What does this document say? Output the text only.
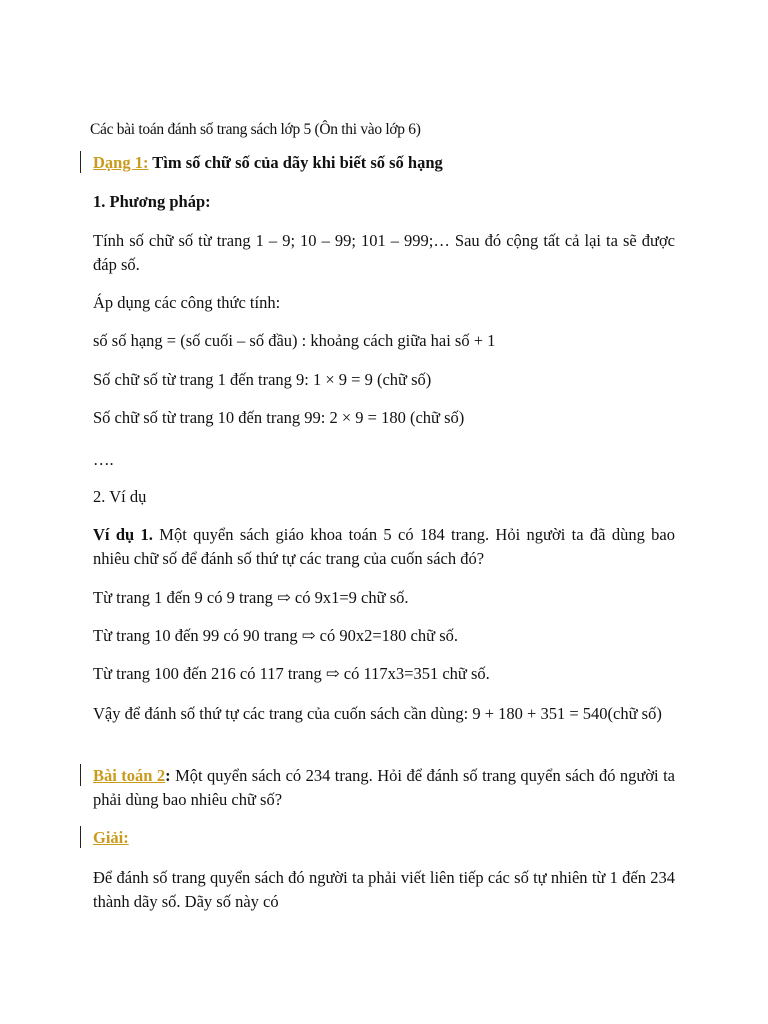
Các bài toán đánh số trang sách lớp 5 (Ôn thi vào lớp 6)
Dạng 1: Tìm số chữ số của dãy khi biết số số hạng
1. Phương pháp:
Tính số chữ số từ trang 1 – 9; 10 – 99; 101 – 999;… Sau đó cộng tất cả lại ta sẽ được đáp số.
Áp dụng các công thức tính:
số số hạng = (số cuối – số đầu) : khoảng cách giữa hai số + 1
Số chữ số từ trang 1 đến trang 9: 1 × 9 = 9 (chữ số)
Số chữ số từ trang 10 đến trang 99: 2 × 9 = 180 (chữ số)
….
2. Ví dụ
Ví dụ 1. Một quyển sách giáo khoa toán 5 có 184 trang. Hỏi người ta đã dùng bao nhiêu chữ số để đánh số thứ tự các trang của cuốn sách đó?
Từ trang 1 đến 9 có 9 trang ⇨ có 9x1=9 chữ số.
Từ trang 10 đến 99 có 90 trang ⇨ có 90x2=180 chữ số.
Từ trang 100 đến 216 có 117 trang ⇨ có 117x3=351 chữ số.
Vậy để đánh số thứ tự các trang của cuốn sách cần dùng: 9 + 180 + 351 = 540(chữ số)
Bài toán 2: Một quyển sách có 234 trang. Hỏi để đánh số trang quyển sách đó người ta phải dùng bao nhiêu chữ số?
Giải:
Để đánh số trang quyển sách đó người ta phải viết liên tiếp các số tự nhiên từ 1 đến 234 thành dãy số. Dãy số này có
